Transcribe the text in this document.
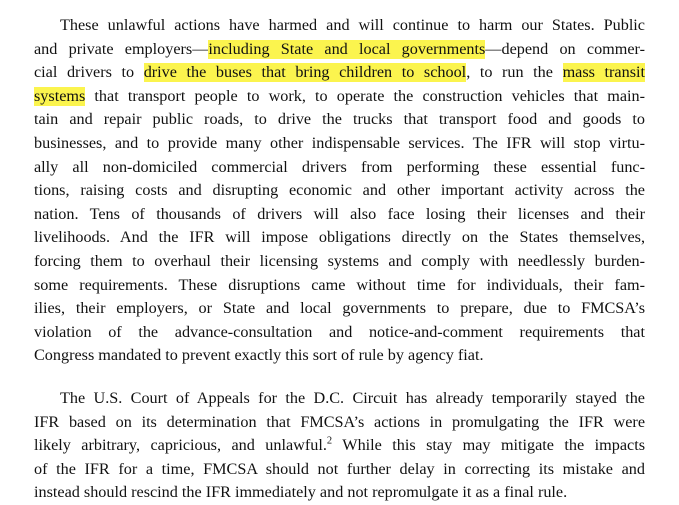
These unlawful actions have harmed and will continue to harm our States. Public
and private employers—including State and local governments—depend on commer-
cial drivers to drive the buses that bring children to school, to run the mass transit
systems that transport people to work, to operate the construction vehicles that main-
tain and repair public roads, to drive the trucks that transport food and goods to
businesses, and to provide many other indispensable services. The IFR will stop virtu-
ally all non-domiciled commercial drivers from performing these essential func-
tions, raising costs and disrupting economic and other important activity across the
nation. Tens of thousands of drivers will also face losing their licenses and their
livelihoods. And the IFR will impose obligations directly on the States themselves,
forcing them to overhaul their licensing systems and comply with needlessly burden-
some requirements. These disruptions came without time for individuals, their fam-
ilies, their employers, or State and local governments to prepare, due to FMCSA’s
violation of the advance-consultation and notice-and-comment requirements that
Congress mandated to prevent exactly this sort of rule by agency fiat.

The U.S. Court of Appeals for the D.C. Circuit has already temporarily stayed the
IFR based on its determination that FMCSA’s actions in promulgating the IFR were
likely arbitrary, capricious, and unlawful.$^2$ While this stay may mitigate the impacts
of the IFR for a time, FMCSA should not further delay in correcting its mistake and
instead should rescind the IFR immediately and not repromulgate it as a final rule.
